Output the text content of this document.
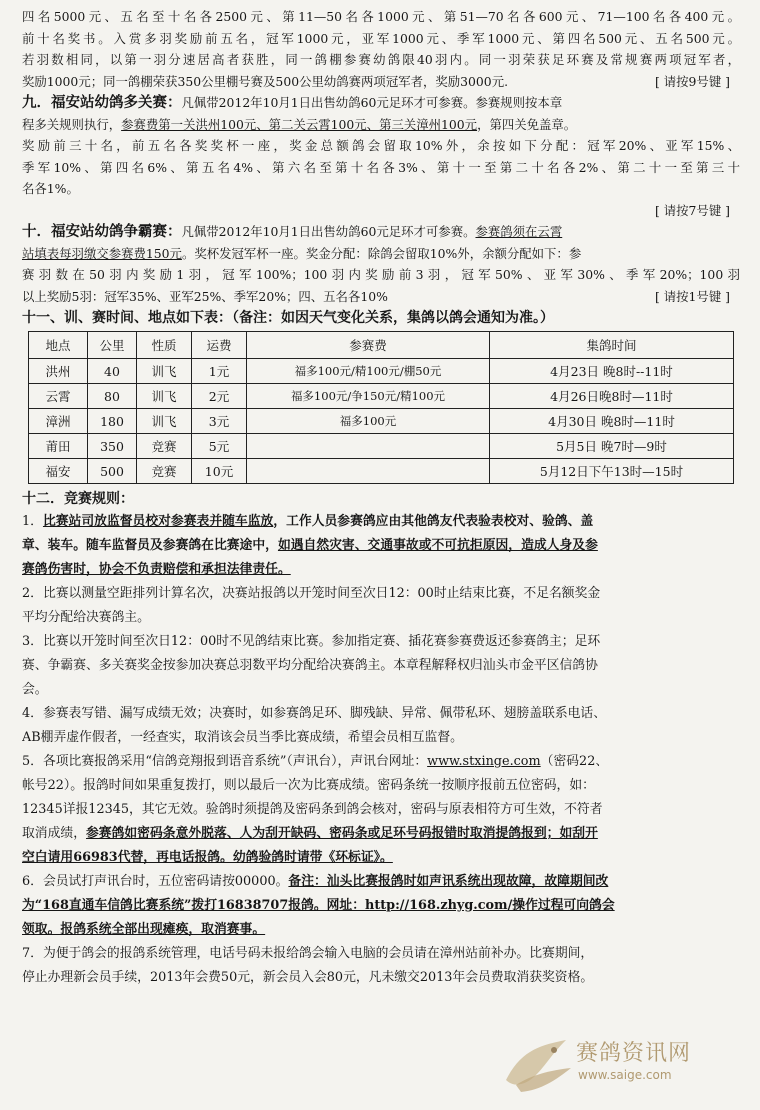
四名5000元、五名至十名各2500元、第11—50名各1000元、第51—70名各600元、71—100名各400元。
前十名奖书。入赏多羽奖励前五名，冠军1000元，亚军1000元、季军1000元、第四名500元、五名500元。
若羽数相同，以第一羽分速居高者获胜，同一鸽棚参赛幼鸽限40羽内。同一羽荣获足环赛及常规赛两项冠军者，
奖励1000元；同一鸽棚荣获350公里棚号赛及500公里幼鸽赛两项冠军者，奖励3000元.	[ 请按9号键 ]
九．福安站幼鸽多关赛：凡佩带2012年10月1日出售幼鸽60元足环才可参赛。参赛规则按本章
程多关规则执行，参赛费第一关洪州100元、第二关云霄100元、第三关漳州100元，第四关免盖章。
奖励前三十名，前五名各奖奖杯一座，奖金总额鸽会留取10%外，余按如下分配：冠军20%、亚军15%、
季军10%、第四名6%、第五名4%、第六名至第十名各3%、第十一至第二十名各2%、第二十一至第三十
名各1%。
[ 请按7号键 ]
十．福安站幼鸽争霸赛：凡佩带2012年10月1日出售幼鸽60元足环才可参赛。参赛鸽须在云霄
站填表每羽缴交参赛费150元。奖杯发冠军杯一座。奖金分配：除鸽会留取10%外，余额分配如下：参
赛羽数在50羽内奖励1羽，冠军100%；100羽内奖励前3羽，冠军50%、亚军30%、季军20%；100羽
以上奖励5羽：冠军35%、亚军25%、季军20%；四、五名各10%	[ 请按1号键 ]
十一、训、赛时间、地点如下表：（备注：如因天气变化关系，集鸽以鸽会通知为准。）
地点	公里	性质	运费	参赛费	集鸽时间
洪州	40	训飞	1元	福多100元/精100元/棚50元	4月23日 晚8时--11时
云霄	80	训飞	2元	福多100元/争150元/精100元	4月26日晚8时—11时
漳洲	180	训飞	3元	福多100元	4月30日 晚8时—11时
莆田	350	竞赛	5元		5月5日 晚7时—9时
福安	500	竞赛	10元		5月12日下午13时—15时
十二．竞赛规则：
1．比赛站司放监督员校对参赛表并随车监放，工作人员参赛鸽应由其他鸽友代表验表校对、验鸽、盖
章、装车。随车监督员及参赛鸽在比赛途中，如遇自然灾害、交通事故或不可抗拒原因，造成人身及参
赛鸽伤害时，协会不负责赔偿和承担法律责任。
2．比赛以测量空距排列计算名次，决赛站报鸽以开笼时间至次日12：00时止结束比赛，不足名额奖金
平均分配给决赛鸽主。
3．比赛以开笼时间至次日12：00时不见鸽结束比赛。参加指定赛、插花赛参赛费返还参赛鸽主；足环
赛、争霸赛、多关赛奖金按参加决赛总羽数平均分配给决赛鸽主。本章程解释权归汕头市金平区信鸽协
会。
4．参赛表写错、漏写成绩无效；决赛时，如参赛鸽足环、脚残缺、异常、佩带私环、翅膀盖联系电话、
AB棚弄虚作假者，一经查实，取消该会员当季比赛成绩，希望会员相互监督。
5．各项比赛报鸽采用“信鸽竞翔报到语音系统”（声讯台），声讯台网址：www.stxinge.com（密码22、
帐号22）。报鸽时间如果重复拨打，则以最后一次为比赛成绩。密码条统一按顺序报前五位密码，如：
12345详报12345，其它无效。验鸽时须提鸽及密码条到鸽会核对，密码与原表相符方可生效，不符者
取消成绩，参赛鸽如密码条意外脱落、人为刮开缺码、密码条或足环号码报错时取消提鸽报到；如刮开
空白请用66983代替，再电话报鸽。幼鸽验鸽时请带《环标证》。
6．会员试打声讯台时，五位密码请按00000。备注：汕头比赛报鸽时如声讯系统出现故障，故障期间改
为“168直通车信鸽比赛系统”拨打16838707报鸽。网址：http://168.zhyg.com/操作过程可向鸽会
领取。报鸽系统全部出现瘫痪，取消赛事。
7．为便于鸽会的报鸽系统管理，电话号码未报给鸽会输入电脑的会员请在漳州站前补办。比赛期间，
停止办理新会员手续，2013年会费50元，新会员入会80元，凡未缴交2013年会员费取消获奖资格。
赛鸽资讯网
www.saige.com
